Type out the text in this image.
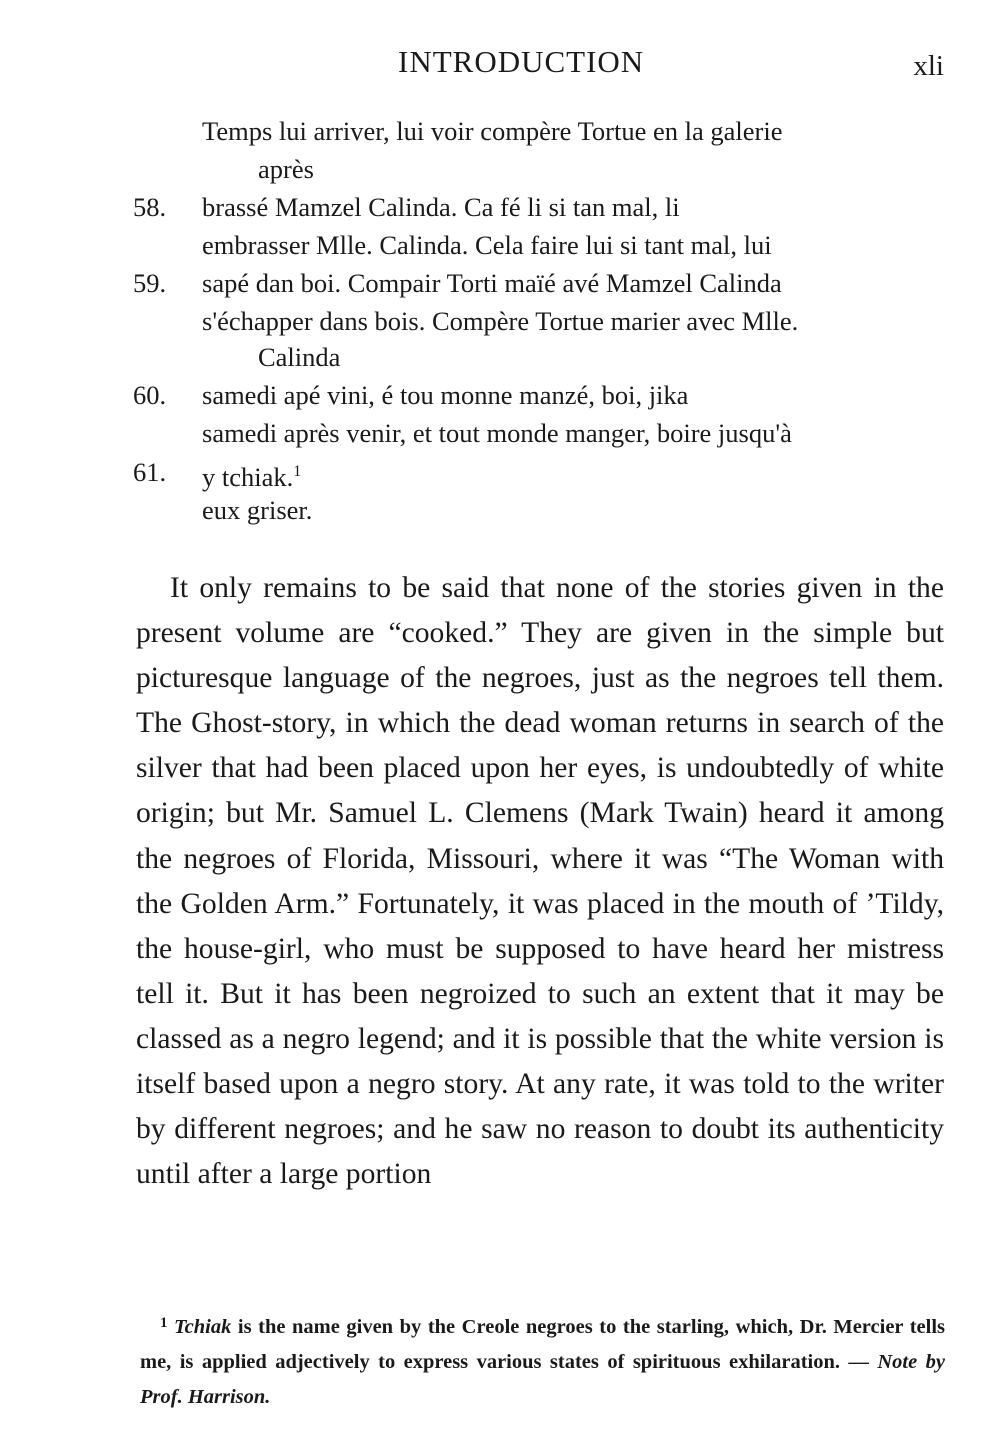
INTRODUCTION	xli
Temps lui arriver, lui voir compère Tortue en la galerie
après
58. brassé Mamzel Calinda. Ca fé li si tan mal, li
embrasser Mlle. Calinda. Cela faire lui si tant mal, lui
59. sapé dan boi. Compair Torti maïé avé Mamzel Calinda
s'échapper dans bois. Compère Tortue marier avec Mlle.
Calinda
60. samedi apé vini, é tou monne manzé, boi, jika
samedi après venir, et tout monde manger, boire jusqu'à
61. y tchiak.$^1$
eux griser.

It only remains to be said that none of the stories given in the present volume are “cooked.” They are given in the simple but picturesque language of the negroes, just as the negroes tell them. The Ghost-story, in which the dead woman returns in search of the silver that had been placed upon her eyes, is undoubtedly of white origin; but Mr. Samuel L. Clemens (Mark Twain) heard it among the negroes of Florida, Missouri, where it was “The Woman with the Golden Arm.” Fortunately, it was placed in the mouth of ’Tildy, the house-girl, who must be supposed to have heard her mistress tell it. But it has been negroized to such an extent that it may be classed as a negro legend; and it is possible that the white version is itself based upon a negro story. At any rate, it was told to the writer by different negroes; and he saw no reason to doubt its authenticity until after a large portion

$^1$ Tchiak is the name given by the Creole negroes to the starling, which, Dr. Mercier tells me, is applied adjectively to express various states of spirituous exhilaration. — Note by Prof. Harrison.
